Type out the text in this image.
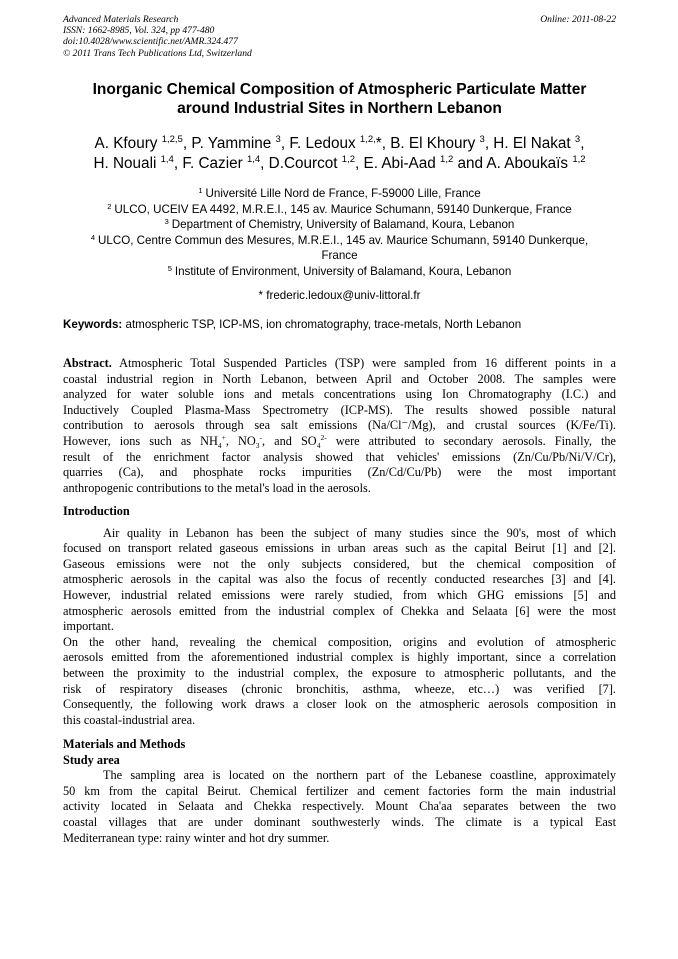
Advanced Materials Research
ISSN: 1662-8985, Vol. 324, pp 477-480
doi:10.4028/www.scientific.net/AMR.324.477
© 2011 Trans Tech Publications Ltd, Switzerland
Online: 2011-08-22
Inorganic Chemical Composition of Atmospheric Particulate Matter
around Industrial Sites in Northern Lebanon
A. Kfoury $^{1,2,5}$, P. Yammine $^3$, F. Ledoux $^{1,2,}$*, B. El Khoury $^3$, H. El Nakat $^3$,
H. Nouali $^{1,4}$, F. Cazier $^{1,4}$, D.Courcot $^{1,2}$, E. Abi-Aad $^{1,2}$ and A. Aboukaïs $^{1,2}$
$^1$ Université Lille Nord de France, F-59000 Lille, France
$^2$ ULCO, UCEIV EA 4492, M.R.E.I., 145 av. Maurice Schumann, 59140 Dunkerque, France
$^3$ Department of Chemistry, University of Balamand, Koura, Lebanon
$^4$ ULCO, Centre Commun des Mesures, M.R.E.I., 145 av. Maurice Schumann, 59140 Dunkerque,
France
$^5$ Institute of Environment, University of Balamand, Koura, Lebanon
* frederic.ledoux@univ-littoral.fr
Keywords: atmospheric TSP, ICP-MS, ion chromatography, trace-metals, North Lebanon
Abstract. Atmospheric Total Suspended Particles (TSP) were sampled from 16 different points in a
coastal industrial region in North Lebanon, between April and October 2008. The samples were
analyzed for water soluble ions and metals concentrations using Ion Chromatography (I.C.) and
Inductively Coupled Plasma-Mass Spectrometry (ICP-MS). The results showed possible natural
contribution to aerosols through sea salt emissions (Na/Cl⁻/Mg), and crustal sources (K/Fe/Ti).
However, ions such as $NH_4^+$, $NO_3^-$, and $SO_4^{2-}$ were attributed to secondary aerosols. Finally, the
result of the enrichment factor analysis showed that vehicles' emissions (Zn/Cu/Pb/Ni/V/Cr),
quarries (Ca), and phosphate rocks impurities (Zn/Cd/Cu/Pb) were the most important
anthropogenic contributions to the metal's load in the aerosols.
Introduction
Air quality in Lebanon has been the subject of many studies since the 90's, most of which
focused on transport related gaseous emissions in urban areas such as the capital Beirut [1] and [2].
Gaseous emissions were not the only subjects considered, but the chemical composition of
atmospheric aerosols in the capital was also the focus of recently conducted researches [3] and [4].
However, industrial related emissions were rarely studied, from which GHG emissions [5] and
atmospheric aerosols emitted from the industrial complex of Chekka and Selaata [6] were the most
important.
On the other hand, revealing the chemical composition, origins and evolution of atmospheric
aerosols emitted from the aforementioned industrial complex is highly important, since a correlation
between the proximity to the industrial complex, the exposure to atmospheric pollutants, and the
risk of respiratory diseases (chronic bronchitis, asthma, wheeze, etc…) was verified [7].
Consequently, the following work draws a closer look on the atmospheric aerosols composition in
this coastal-industrial area.
Materials and Methods
Study area
The sampling area is located on the northern part of the Lebanese coastline, approximately
50 km from the capital Beirut. Chemical fertilizer and cement factories form the main industrial
activity located in Selaata and Chekka respectively. Mount Cha'aa separates between the two
coastal villages that are under dominant southwesterly winds. The climate is a typical East
Mediterranean type: rainy winter and hot dry summer.
